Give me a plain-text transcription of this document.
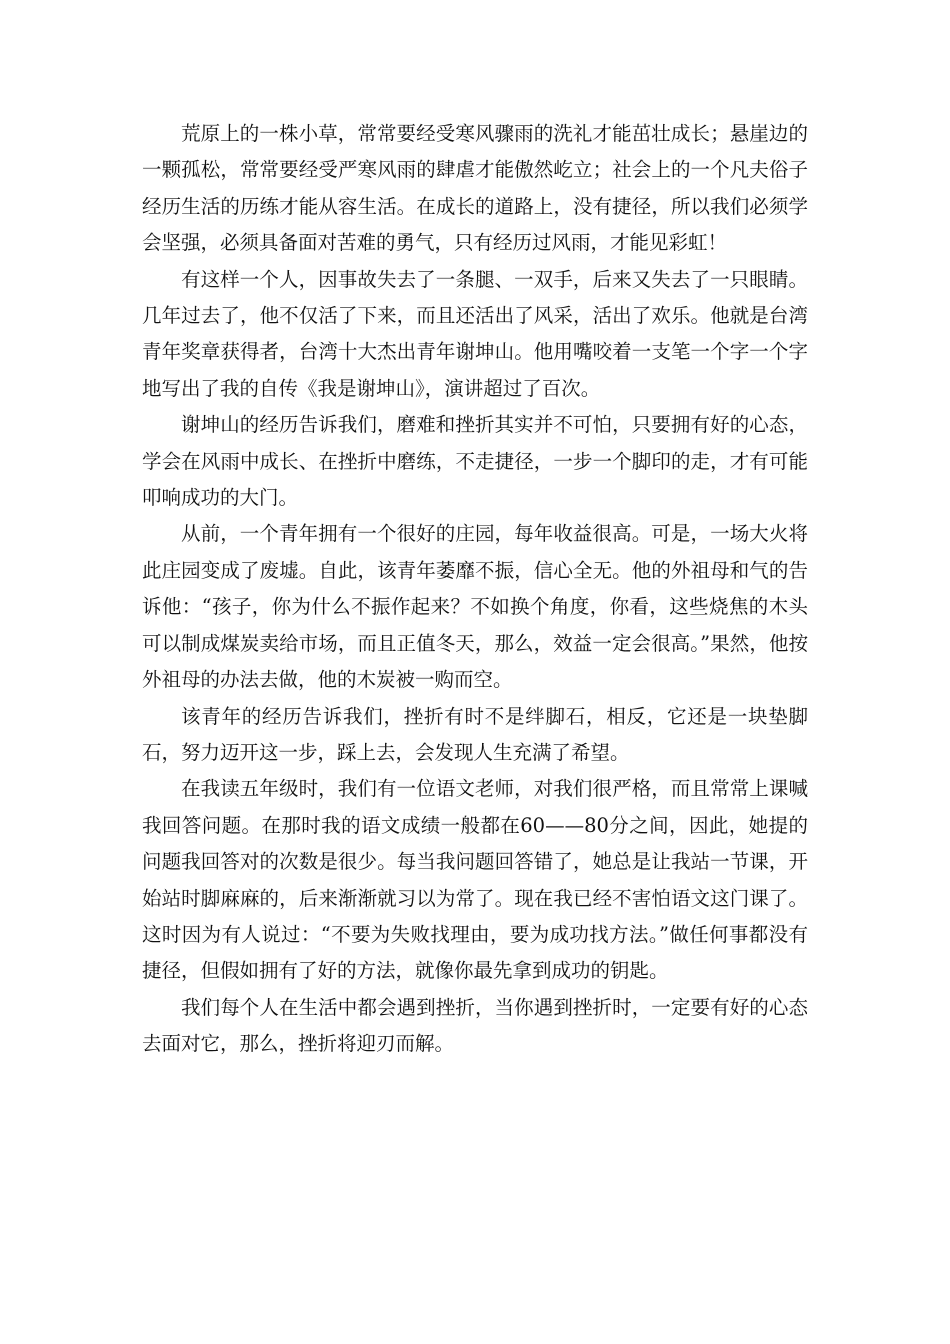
荒原上的一株小草，常常要经受寒风骤雨的洗礼才能茁壮成长；悬崖边的一颗孤松，常常要经受严寒风雨的肆虐才能傲然屹立；社会上的一个凡夫俗子经历生活的历练才能从容生活。在成长的道路上，没有捷径，所以我们必须学会坚强，必须具备面对苦难的勇气，只有经历过风雨，才能见彩虹！

有这样一个人，因事故失去了一条腿、一双手，后来又失去了一只眼睛。几年过去了，他不仅活了下来，而且还活出了风采，活出了欢乐。他就是台湾青年奖章获得者，台湾十大杰出青年谢坤山。他用嘴咬着一支笔一个字一个字地写出了我的自传《我是谢坤山》，演讲超过了百次。

谢坤山的经历告诉我们，磨难和挫折其实并不可怕，只要拥有好的心态，学会在风雨中成长、在挫折中磨练，不走捷径，一步一个脚印的走，才有可能叩响成功的大门。

从前，一个青年拥有一个很好的庄园，每年收益很高。可是，一场大火将此庄园变成了废墟。自此，该青年萎靡不振，信心全无。他的外祖母和气的告诉他：“孩子，你为什么不振作起来？不如换个角度，你看，这些烧焦的木头可以制成煤炭卖给市场，而且正值冬天，那么，效益一定会很高。”果然，他按外祖母的办法去做，他的木炭被一购而空。

该青年的经历告诉我们，挫折有时不是绊脚石，相反，它还是一块垫脚石，努力迈开这一步，踩上去，会发现人生充满了希望。

在我读五年级时，我们有一位语文老师，对我们很严格，而且常常上课喊我回答问题。在那时我的语文成绩一般都在60——80分之间，因此，她提的问题我回答对的次数是很少。每当我问题回答错了，她总是让我站一节课，开始站时脚麻麻的，后来渐渐就习以为常了。现在我已经不害怕语文这门课了。这时因为有人说过：“不要为失败找理由，要为成功找方法。”做任何事都没有捷径，但假如拥有了好的方法，就像你最先拿到成功的钥匙。

我们每个人在生活中都会遇到挫折，当你遇到挫折时，一定要有好的心态去面对它，那么，挫折将迎刃而解。
